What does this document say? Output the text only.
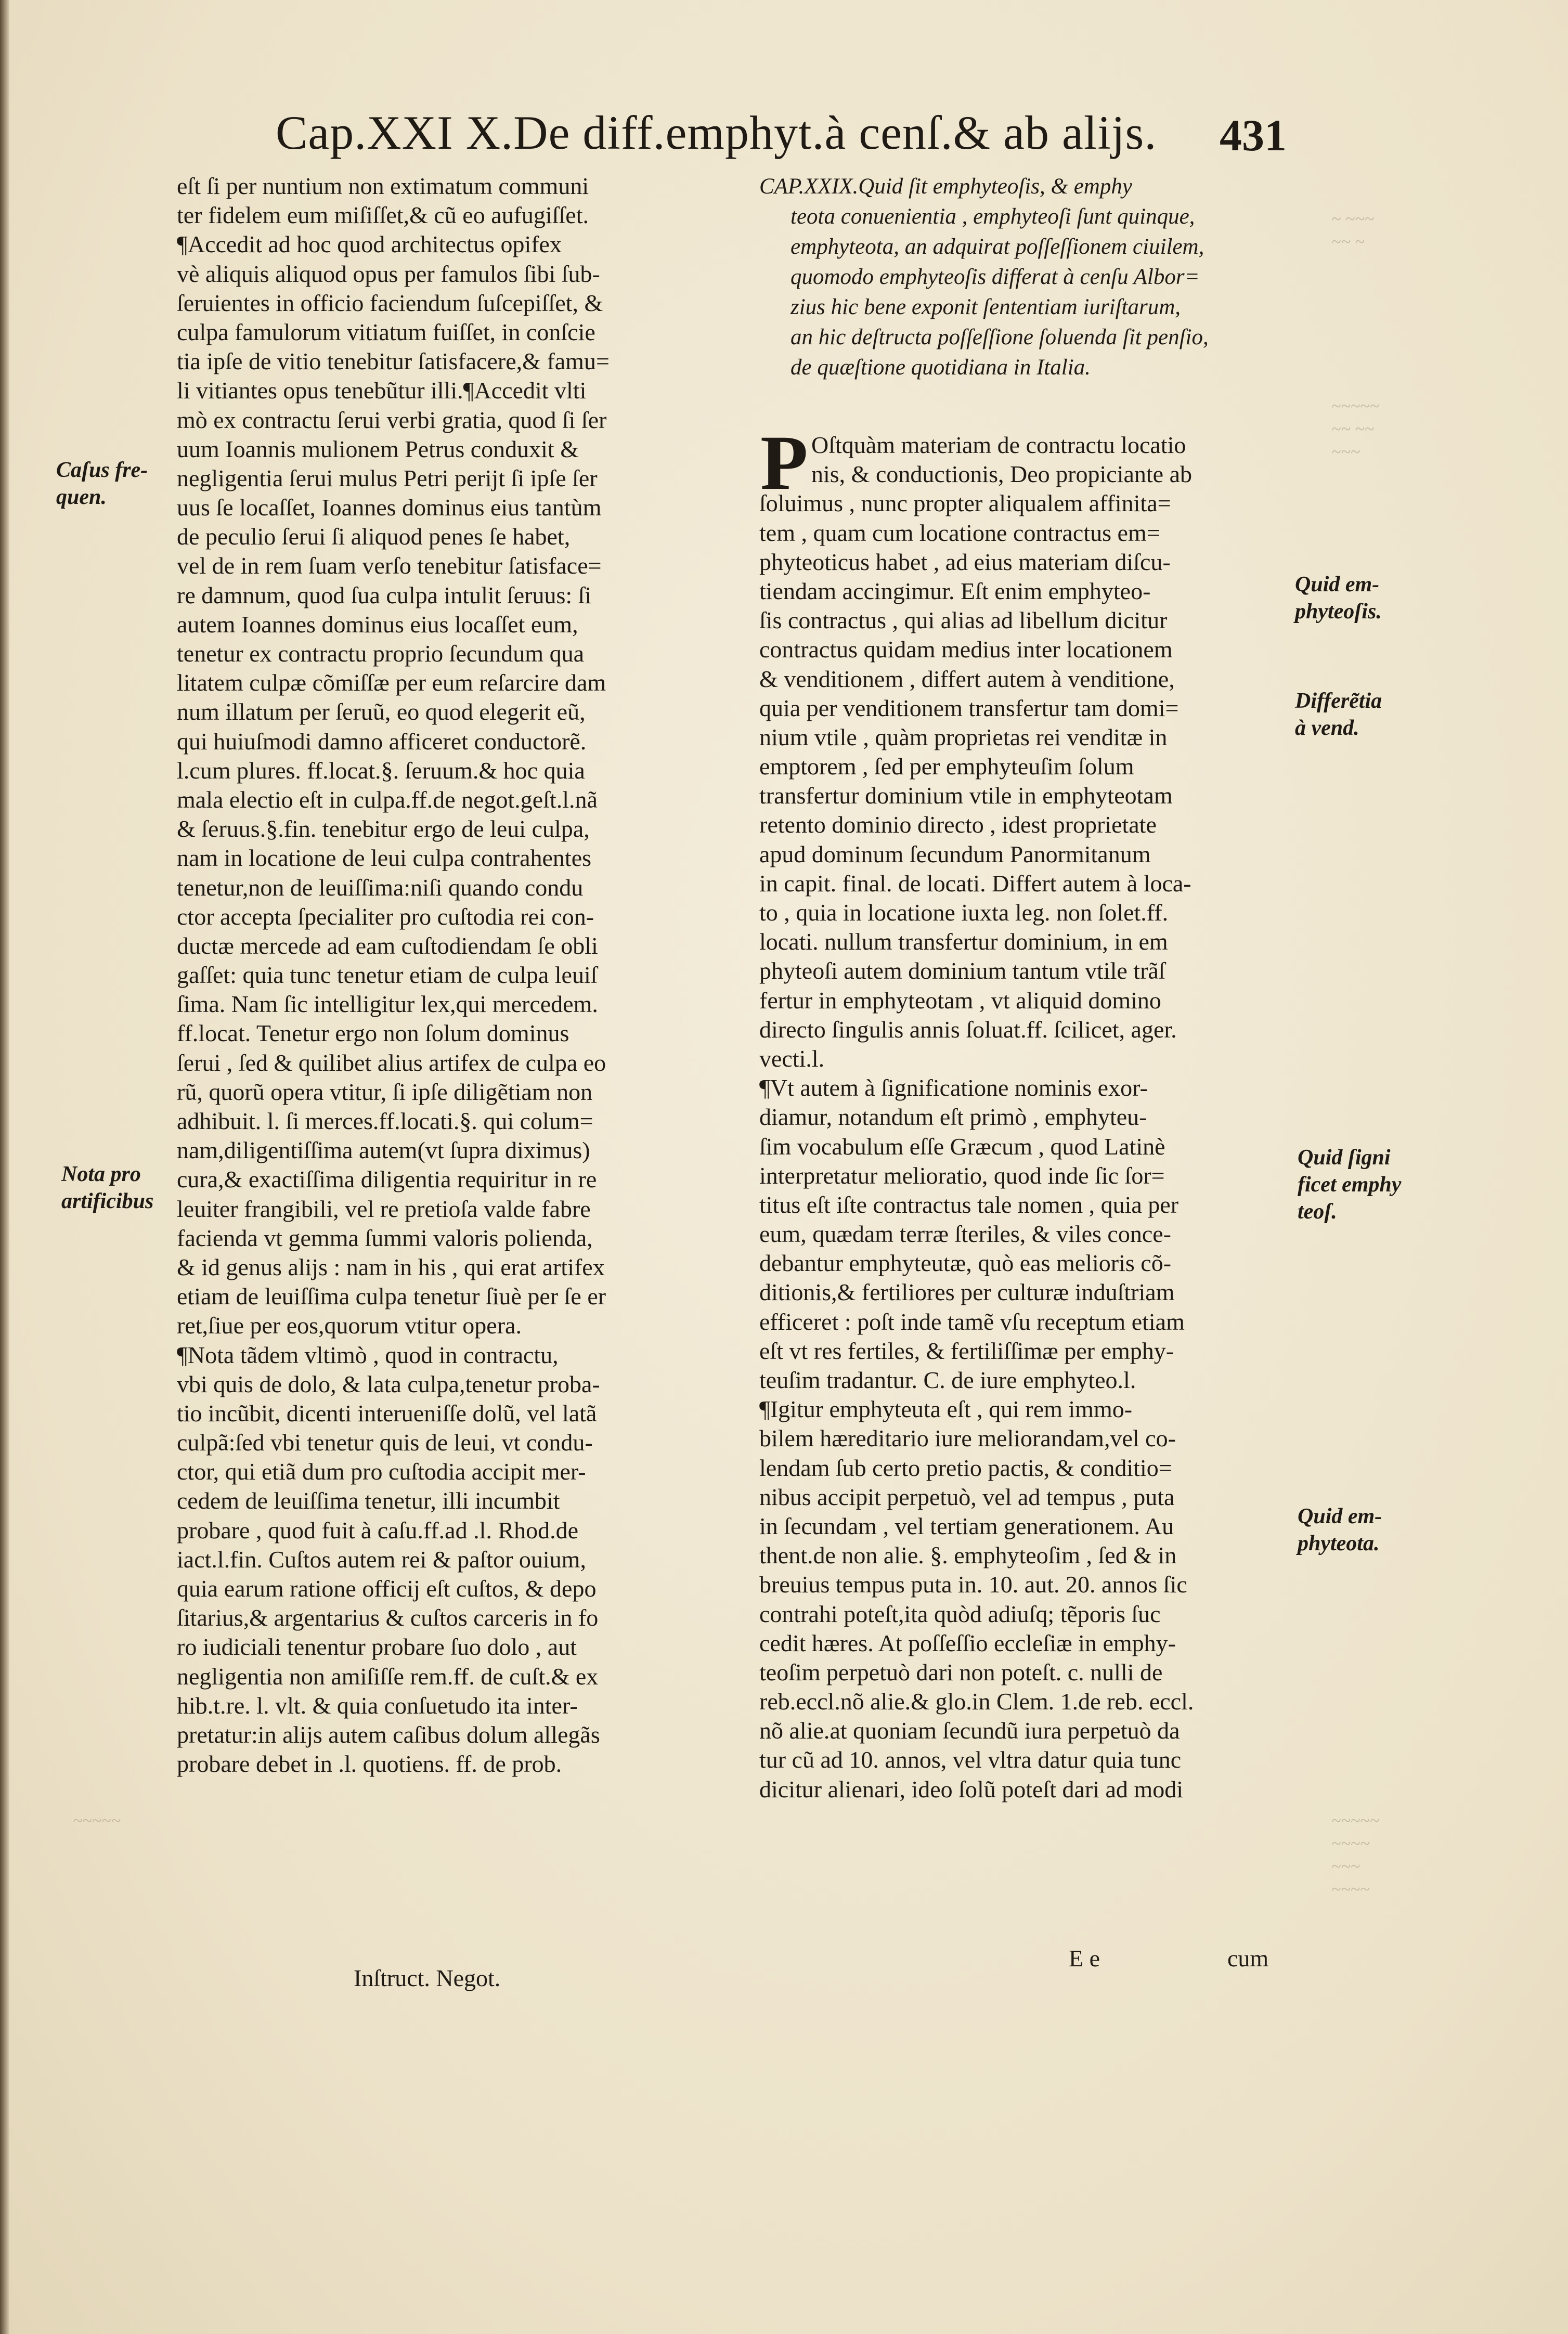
Cap.XXI X.De diff.emphyt.à cenſ.& ab alijs. 431
​~ ~~~
~~ ~
~~~~~
~~ ~~
~~~
~~~~~	~~~~~
~~~~
~~~
~~~~
eſt ſi per nuntium non extimatum communi
ter fidelem eum miſiſſet,& cũ eo aufugiſſet.
¶Accedit ad hoc quod architectus opifex
vè aliquis aliquod opus per famulos ſibi ſub-
ſeruientes in officio faciendum ſuſcepiſſet, &
culpa famulorum vitiatum fuiſſet, in conſcie
tia ipſe de vitio tenebitur ſatisfacere,& famu=
li vitiantes opus tenebũtur illi.¶Accedit vlti
mò ex contractu ſerui verbi gratia, quod ſi ſer
uum Ioannis mulionem Petrus conduxit &
negligentia ſerui mulus Petri perijt ſi ipſe ſer
uus ſe locaſſet, Ioannes dominus eius tantùm
de peculio ſerui ſi aliquod penes ſe habet,
vel de in rem ſuam verſo tenebitur ſatisface=
re damnum, quod ſua culpa intulit ſeruus: ſi
autem Ioannes dominus eius locaſſet eum,
tenetur ex contractu proprio ſecundum qua
litatem culpæ cõmiſſæ per eum reſarcire dam
num illatum per ſeruũ, eo quod elegerit eũ,
qui huiuſmodi damno afficeret conductorẽ.
l.cum plures. ff.locat.§. ſeruum.& hoc quia
mala electio eſt in culpa.ff.de negot.geſt.l.nã
& ſeruus.§.fin. tenebitur ergo de leui culpa,
nam in locatione de leui culpa contrahentes
tenetur,non de leuiſſima:niſi quando condu
ctor accepta ſpecialiter pro cuſtodia rei con-
ductæ mercede ad eam cuſtodiendam ſe obli
gaſſet: quia tunc tenetur etiam de culpa leuiſ
ſima. Nam ſic intelligitur lex,qui mercedem.
ff.locat. Tenetur ergo non ſolum dominus
ſerui , ſed & quilibet alius artifex de culpa eo
rũ, quorũ opera vtitur, ſi ipſe diligẽtiam non
adhibuit. l. ſi merces.ff.locati.§. qui colum=
nam,diligentiſſima autem(vt ſupra diximus)
cura,& exactiſſima diligentia requiritur in re
leuiter frangibili, vel re pretioſa valde fabre
facienda vt gemma ſummi valoris polienda,
& id genus alijs : nam in his , qui erat artifex
etiam de leuiſſima culpa tenetur ſiuè per ſe er
ret,ſiue per eos,quorum vtitur opera.
¶Nota tãdem vltimò , quod in contractu,
vbi quis de dolo, & lata culpa,tenetur proba-
tio incũbit, dicenti interueniſſe dolũ, vel latã
culpã:ſed vbi tenetur quis de leui, vt condu-
ctor, qui etiã dum pro cuſtodia accipit mer-
cedem de leuiſſima tenetur, illi incumbit
probare , quod fuit à caſu.ff.ad .l. Rhod.de
iact.l.fin. Cuſtos autem rei & paſtor ouium,
quia earum ratione officij eſt cuſtos, & depo
ſitarius,& argentarius & cuſtos carceris in fo
ro iudiciali tenentur probare ſuo dolo , aut
negligentia non amiſiſſe rem.ff. de cuſt.& ex
hib.t.re. l. vlt. & quia conſuetudo ita inter-
pretatur:in alijs autem caſibus dolum allegãs
probare debet in .l. quotiens. ff. de prob.
Inſtruct. Negot.
Caſus fre-
quen.
Nota pro
artificibus
CAP.XXIX.Quid ſit emphyteoſis, & emphy
teota conuenientia , emphyteoſi ſunt quinque,
emphyteota, an adquirat poſſeſſionem ciuilem,
quomodo emphyteoſis differat à cenſu Albor=
zius hic bene exponit ſententiam iuriſtarum,
an hic deſtructa poſſeſſione ſoluenda ſit penſio,
de quæſtione quotidiana in Italia.
P Oſtquàm materiam de contractu locatio
nis, & conductionis, Deo propiciante ab
ſoluimus , nunc propter aliqualem affinita=
tem , quam cum locatione contractus em=
phyteoticus habet , ad eius materiam diſcu-
tiendam accingimur. Eſt enim emphyteo-
ſis contractus , qui alias ad libellum dicitur
contractus quidam medius inter locationem
& venditionem , differt autem à venditione,
quia per venditionem transfertur tam domi=
nium vtile , quàm proprietas rei venditæ in
emptorem , ſed per emphyteuſim ſolum
transfertur dominium vtile in emphyteotam
retento dominio directo , idest proprietate
apud dominum ſecundum Panormitanum
in capit. final. de locati. Differt autem à loca-
to , quia in locatione iuxta leg. non ſolet.ff.
locati. nullum transfertur dominium, in em
phyteoſi autem dominium tantum vtile trãſ
fertur in emphyteotam , vt aliquid domino
directo ſingulis annis ſoluat.ff. ſcilicet, ager.
vecti.l.
¶Vt autem à ſignificatione nominis exor-
diamur, notandum eſt primò , emphyteu-
ſim vocabulum eſſe Græcum , quod Latinè
interpretatur melioratio, quod inde ſic ſor=
titus eſt iſte contractus tale nomen , quia per
eum, quædam terræ ſteriles, & viles conce-
debantur emphyteutæ, quò eas melioris cõ-
ditionis,& fertiliores per culturæ induſtriam
efficeret : poſt inde tamẽ vſu receptum etiam
eſt vt res fertiles, & fertiliſſimæ per emphy-
teuſim tradantur. C. de iure emphyteo.l.
¶Igitur emphyteuta eſt , qui rem immo-
bilem hæreditario iure meliorandam,vel co-
lendam ſub certo pretio pactis, & conditio=
nibus accipit perpetuò, vel ad tempus , puta
in ſecundam , vel tertiam generationem. Au
thent.de non alie. §. emphyteoſim , ſed & in
breuius tempus puta in. 10. aut. 20. annos ſic
contrahi poteſt,ita quòd adiuſq; tẽporis ſuc
cedit hæres. At poſſeſſio eccleſiæ in emphy-
teoſim perpetuò dari non poteſt. c. nulli de
reb.eccl.nõ alie.& glo.in Clem. 1.de reb. eccl.
nõ alie.at quoniam ſecundũ iura perpetuò da
tur cũ ad 10. annos, vel vltra datur quia tunc
dicitur alienari, ideo ſolũ poteſt dari ad modi
E e	cum
Quid em-
phyteoſis.
Differẽtia
à vend.
Quid ſigni
ficet emphy
teoſ.
Quid em-
phyteota.
